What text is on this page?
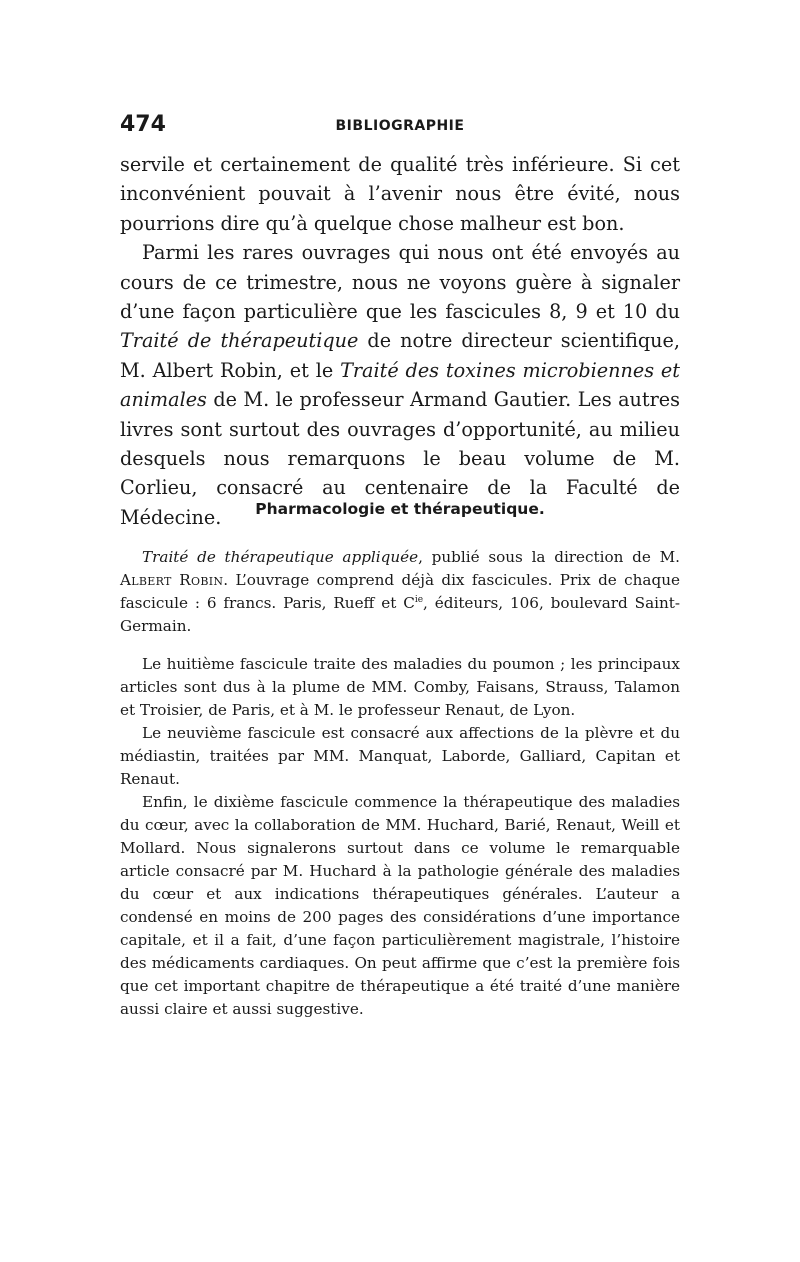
474	BIBLIOGRAPHIE

servile et certainement de qualité très inférieure. Si cet inconvénient pouvait à l’avenir nous être évité, nous pourrions dire qu’à quelque chose malheur est bon.

Parmi les rares ouvrages qui nous ont été envoyés au cours de ce trimestre, nous ne voyons guère à signaler d’une façon particulière que les fascicules 8, 9 et 10 du Traité de thérapeutique de notre directeur scientifique, M. Albert Robin, et le Traité des toxines microbiennes et animales de M. le professeur Armand Gautier. Les autres livres sont surtout des ouvrages d’opportunité, au milieu desquels nous remarquons le beau volume de M. Corlieu, consacré au centenaire de la Faculté de Médecine.	Pharmacologie et thérapeutique.

Traité de thérapeutique appliquée, publié sous la direction de M. Albert Robin. L’ouvrage comprend déjà dix fascicules. Prix de chaque fascicule : 6 francs. Paris, Rueff et $C^{ie}$, éditeurs, 106, boulevard Saint-Germain.

Le huitième fascicule traite des maladies du poumon ; les principaux articles sont dus à la plume de MM. Comby, Faisans, Strauss, Talamon et Troisier, de Paris, et à M. le professeur Renaut, de Lyon.

Le neuvième fascicule est consacré aux affections de la plèvre et du médiastin, traitées par MM. Manquat, Laborde, Galliard, Capitan et Renaut.

Enfin, le dixième fascicule commence la thérapeutique des maladies du cœur, avec la collaboration de MM. Huchard, Barié, Renaut, Weill et Mollard. Nous signalerons surtout dans ce volume le remarquable article consacré par M. Huchard à la pathologie générale des maladies du cœur et aux indications thérapeutiques générales. L’auteur a condensé en moins de 200 pages des considérations d’une importance capitale, et il a fait, d’une façon particulièrement magistrale, l’histoire des médicaments cardiaques. On peut affirme que c’est la première fois que cet important chapitre de thérapeutique a été traité d’une manière aussi claire et aussi suggestive.
